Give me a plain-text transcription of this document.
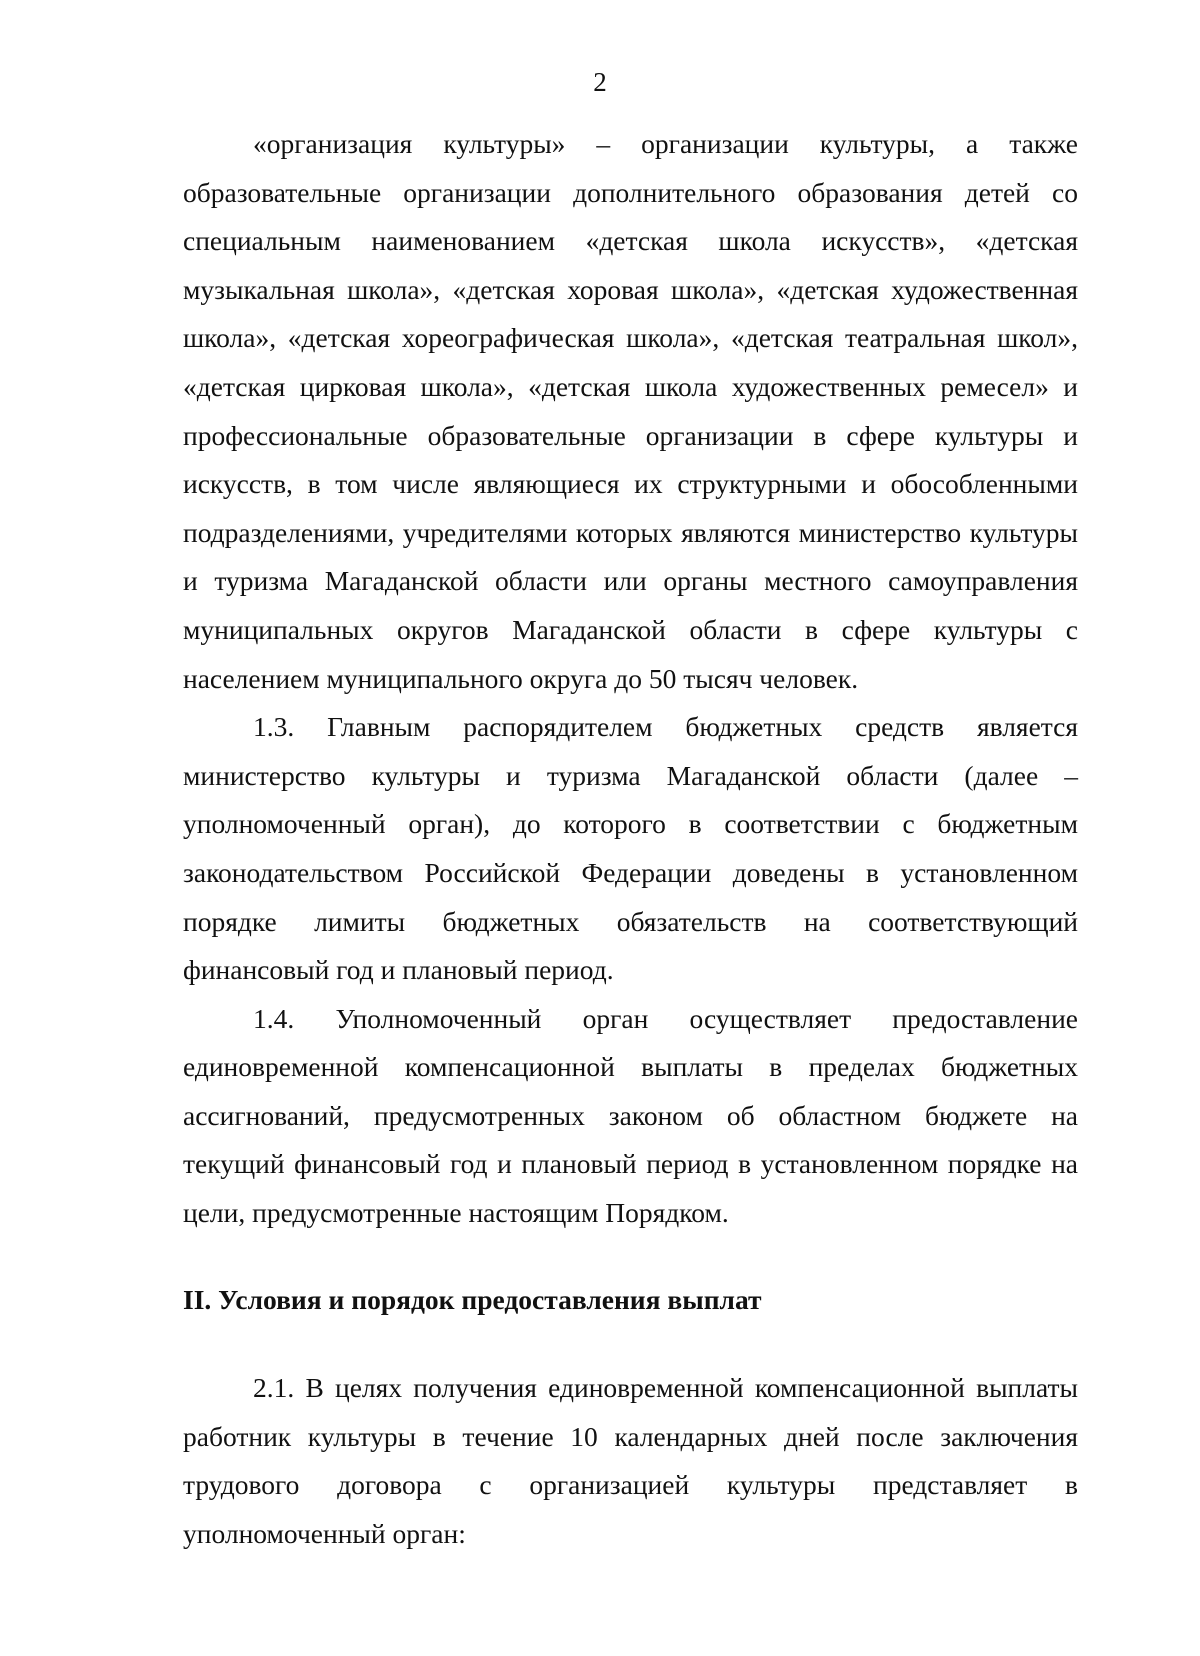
2

«организация культуры» – организации культуры, а также образовательные организации дополнительного образования детей со специальным наименованием «детская школа искусств», «детская музыкальная школа», «детская хоровая школа», «детская художественная школа», «детская хореографическая школа», «детская театральная школ», «детская цирковая школа», «детская школа художественных ремесел» и профессиональные образовательные организации в сфере культуры и искусств, в том числе являющиеся их структурными и обособленными подразделениями, учредителями которых являются министерство культуры и туризма Магаданской области или органы местного самоуправления муниципальных округов Магаданской области в сфере культуры с населением муниципального округа до 50 тысяч человек.

1.3. Главным распорядителем бюджетных средств является министерство культуры и туризма Магаданской области (далее – уполномоченный орган), до которого в соответствии с бюджетным законодательством Российской Федерации доведены в установленном порядке лимиты бюджетных обязательств на соответствующий финансовый год и плановый период.

1.4. Уполномоченный орган осуществляет предоставление единовременной компенсационной выплаты в пределах бюджетных ассигнований, предусмотренных законом об областном бюджете на текущий финансовый год и плановый период в установленном порядке на цели, предусмотренные настоящим Порядком.

II. Условия и порядок предоставления выплат

2.1. В целях получения единовременной компенсационной выплаты работник культуры в течение 10 календарных дней после заключения трудового договора с организацией культуры представляет в уполномоченный орган:
